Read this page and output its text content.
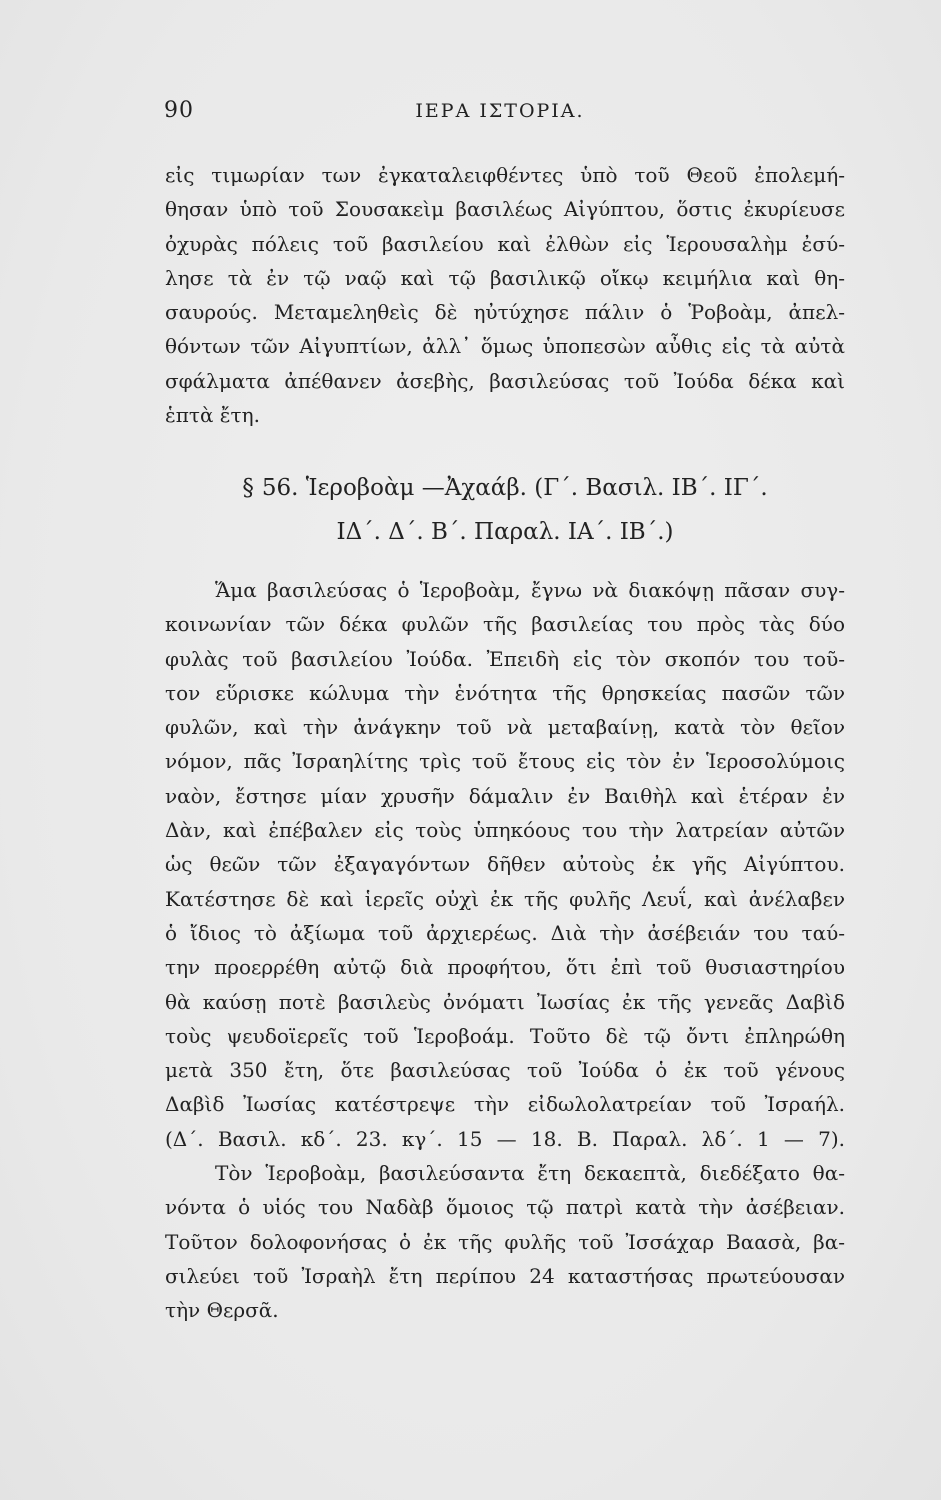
90	ΙΕΡΑ ΙΣΤΟΡΙΑ.
εἰς τιμωρίαν των ἐγκαταλειφθέντες ὑπὸ τοῦ Θεοῦ ἐπολεμή-
θησαν ὑπὸ τοῦ Σουσακεὶμ βασιλέως Αἰγύπτου, ὅστις ἐκυρίευσε
ὀχυρὰς πόλεις τοῦ βασιλείου καὶ ἐλθὼν εἰς Ἱερουσαλὴμ ἐσύ-
λησε τὰ ἐν τῷ ναῷ καὶ τῷ βασιλικῷ οἴκῳ κειμήλια καὶ θη-
σαυρούς. Μεταμεληθεὶς δὲ ηὐτύχησε πάλιν ὁ Ῥοβοὰμ, ἀπελ-
θόντων τῶν Αἰγυπτίων, ἀλλ᾽ ὅμως ὑποπεσὼν αὖθις εἰς τὰ αὐτὰ
σφάλματα ἀπέθανεν ἀσεβὴς, βασιλεύσας τοῦ Ἰούδα δέκα καὶ
ἑπτὰ ἔτη.
§ 56. Ἱεροβοὰμ —Ἀχαάβ. (Γ΄. Βασιλ. ΙΒ΄. ΙΓ΄.
ΙΔ΄. Δ΄. Β΄. Παραλ. ΙΑ΄. ΙΒ΄.)
Ἅμα βασιλεύσας ὁ Ἱεροβοὰμ, ἔγνω νὰ διακόψῃ πᾶσαν συγ-
κοινωνίαν τῶν δέκα φυλῶν τῆς βασιλείας του πρὸς τὰς δύο
φυλὰς τοῦ βασιλείου Ἰούδα. Ἐπειδὴ εἰς τὸν σκοπόν του τοῦ-
τον εὕρισκε κώλυμα τὴν ἑνότητα τῆς θρησκείας πασῶν τῶν
φυλῶν, καὶ τὴν ἀνάγκην τοῦ νὰ μεταβαίνῃ, κατὰ τὸν θεῖον
νόμον, πᾶς Ἰσραηλίτης τρὶς τοῦ ἔτους εἰς τὸν ἐν Ἱεροσολύμοις
ναὸν, ἔστησε μίαν χρυσῆν δάμαλιν ἐν Βαιθὴλ καὶ ἑτέραν ἐν
Δὰν, καὶ ἐπέβαλεν εἰς τοὺς ὑπηκόους του τὴν λατρείαν αὐτῶν
ὡς θεῶν τῶν ἐξαγαγόντων δῆθεν αὐτοὺς ἐκ γῆς Αἰγύπτου.
Κατέστησε δὲ καὶ ἱερεῖς οὐχὶ ἐκ τῆς φυλῆς Λευΐ, καὶ ἀνέλαβεν
ὁ ἴδιος τὸ ἀξίωμα τοῦ ἀρχιερέως. Διὰ τὴν ἀσέβειάν του ταύ-
την προερρέθη αὐτῷ διὰ προφήτου, ὅτι ἐπὶ τοῦ θυσιαστηρίου
θὰ καύσῃ ποτὲ βασιλεὺς ὀνόματι Ἰωσίας ἐκ τῆς γενεᾶς Δαβὶδ
τοὺς ψευδοϊερεῖς τοῦ Ἱεροβοάμ. Τοῦτο δὲ τῷ ὄντι ἐπληρώθη
μετὰ 350 ἔτη, ὅτε βασιλεύσας τοῦ Ἰούδα ὁ ἐκ τοῦ γένους
Δαβὶδ Ἰωσίας κατέστρεψε τὴν εἰδωλολατρείαν τοῦ Ἰσραήλ.
(Δ΄. Βασιλ. κδ΄. 23. κγ΄. 15 — 18. Β. Παραλ. λδ΄. 1 — 7).
Τὸν Ἱεροβοὰμ, βασιλεύσαντα ἔτη δεκαεπτὰ, διεδέξατο θα-
νόντα ὁ υἱός του Ναδὰβ ὅμοιος τῷ πατρὶ κατὰ τὴν ἀσέβειαν.
Τοῦτον δολοφονήσας ὁ ἐκ τῆς φυλῆς τοῦ Ἰσσάχαρ Βαασὰ, βα-
σιλεύει τοῦ Ἰσραὴλ ἔτη περίπου 24 καταστήσας πρωτεύουσαν
τὴν Θερσᾶ.
